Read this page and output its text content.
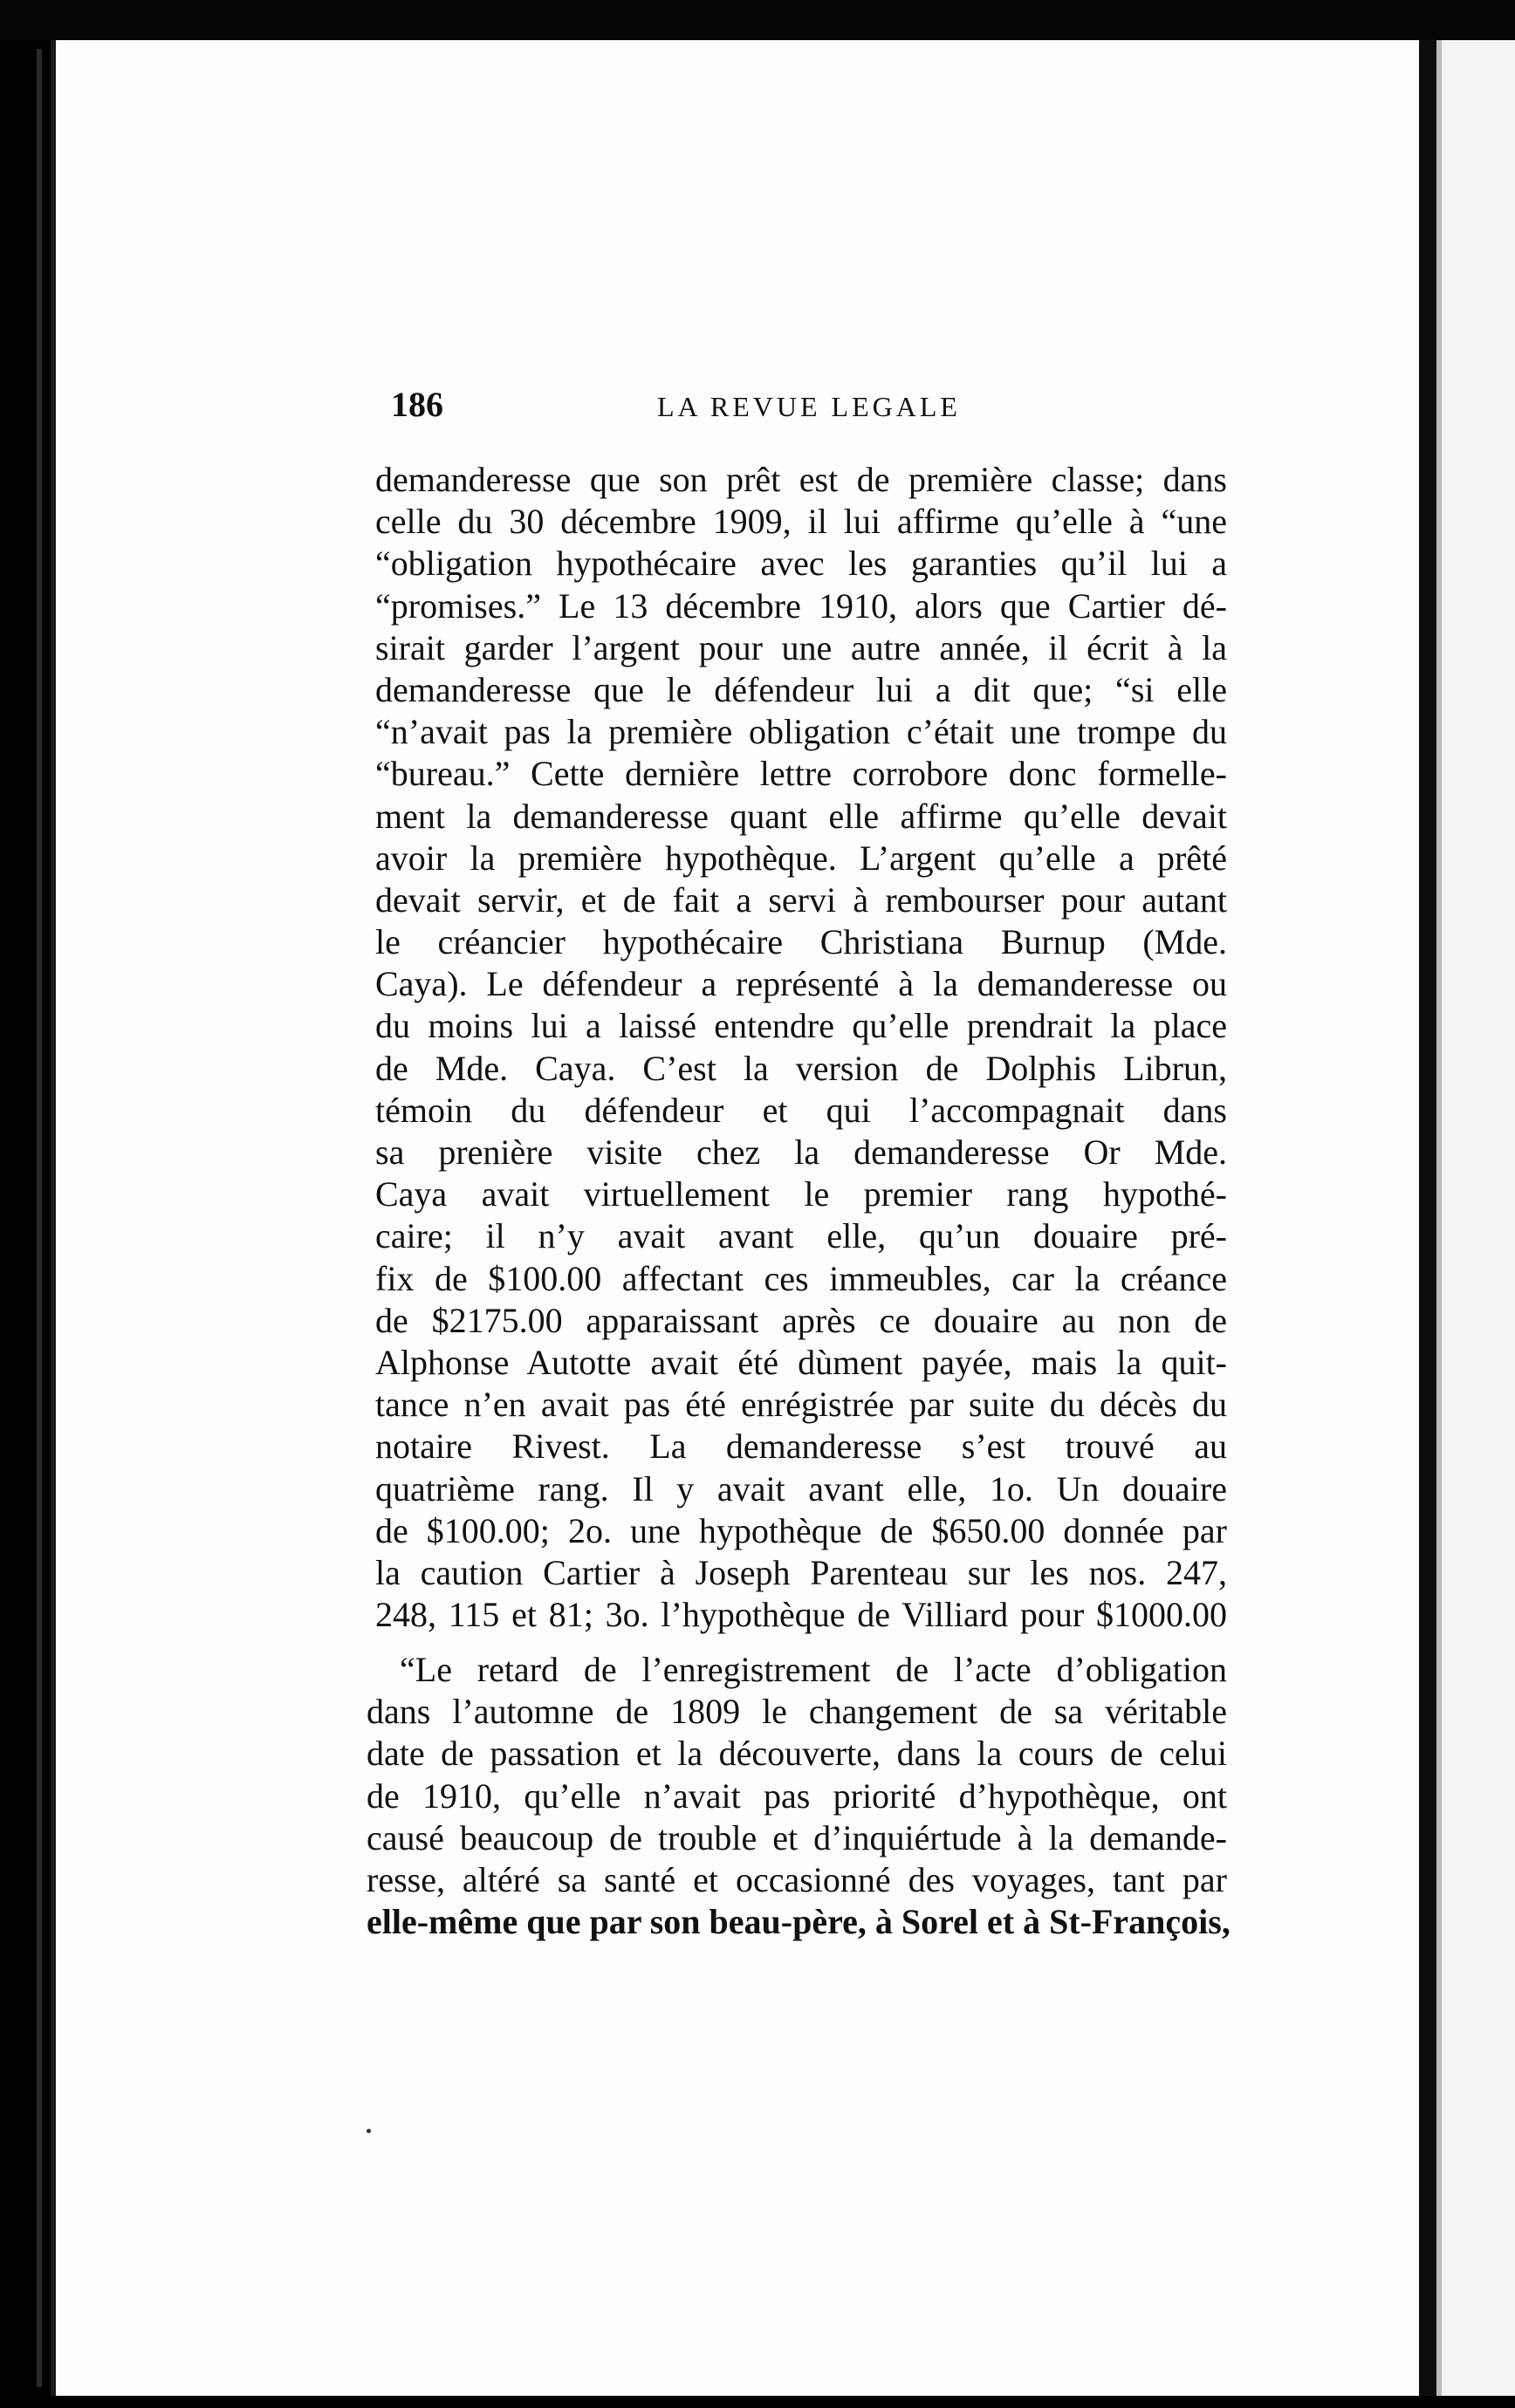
186	LA REVUE LEGALE
demanderesse que son prêt est de première classe; dans
celle du 30 décembre 1909, il lui affirme qu’elle à “une
“obligation hypothécaire avec les garanties qu’il lui a
“promises.” Le 13 décembre 1910, alors que Cartier dé-
sirait garder l’argent pour une autre année, il écrit à la
demanderesse que le défendeur lui a dit que; “si elle
“n’avait pas la première obligation c’était une trompe du
“bureau.” Cette dernière lettre corrobore donc formelle-
ment la demanderesse quant elle affirme qu’elle devait
avoir la première hypothèque. L’argent qu’elle a prêté
devait servir, et de fait a servi à rembourser pour autant
le créancier hypothécaire Christiana Burnup (Mde.
Caya). Le défendeur a représenté à la demanderesse ou
du moins lui a laissé entendre qu’elle prendrait la place
de Mde. Caya. C’est la version de Dolphis Librun,
témoin du défendeur et qui l’accompagnait dans
sa prenière visite chez la demanderesse Or Mde.
Caya avait virtuellement le premier rang hypothé-
caire; il n’y avait avant elle, qu’un douaire pré-
fix de $100.00 affectant ces immeubles, car la créance
de $2175.00 apparaissant après ce douaire au non de
Alphonse Autotte avait été dùment payée, mais la quit-
tance n’en avait pas été enrégistrée par suite du décès du
notaire Rivest. La demanderesse s’est trouvé au
quatrième rang. Il y avait avant elle, 1o. Un douaire
de $100.00; 2o. une hypothèque de $650.00 donnée par
la caution Cartier à Joseph Parenteau sur les nos. 247,
248, 115 et 81; 3o. l’hypothèque de Villiard pour $1000.00
“Le retard de l’enregistrement de l’acte d’obligation
dans l’automne de 1809 le changement de sa véritable
date de passation et la découverte, dans la cours de celui
de 1910, qu’elle n’avait pas priorité d’hypothèque, ont
causé beaucoup de trouble et d’inquiértude à la demande-
resse, altéré sa santé et occasionné des voyages, tant par
elle-même que par son beau-père, à Sorel et à St-François,
